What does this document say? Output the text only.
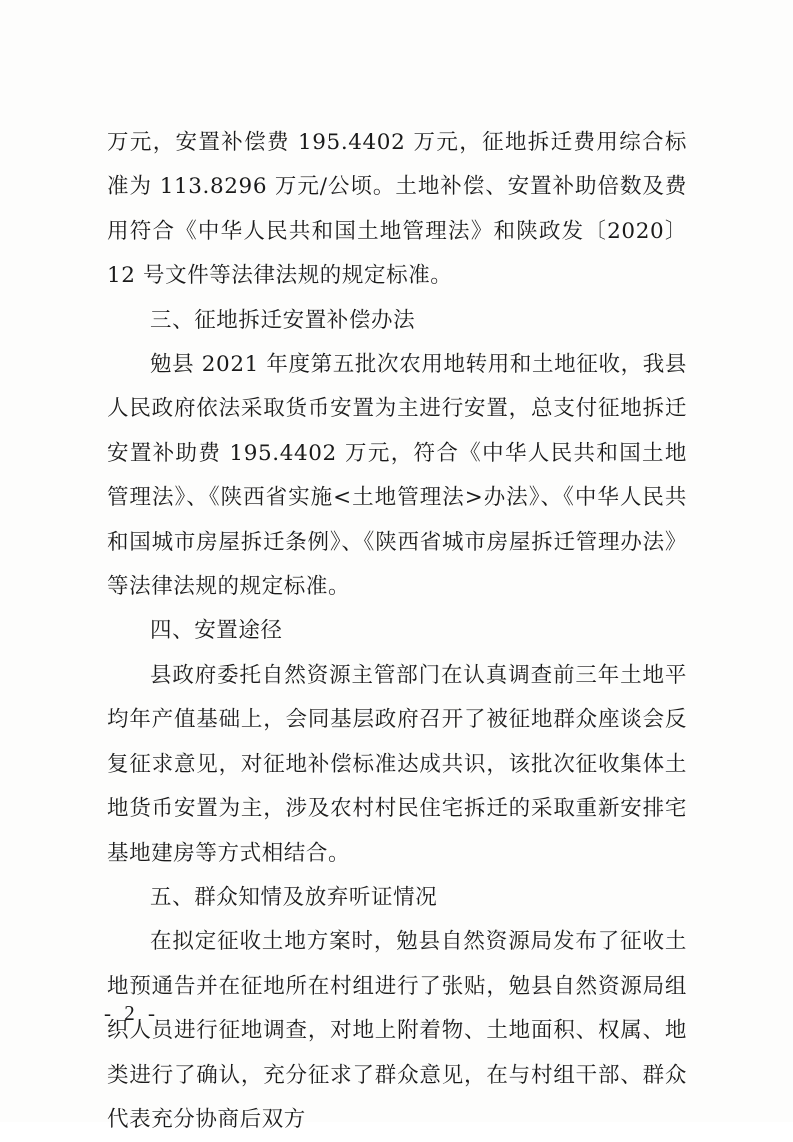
万元，安置补偿费 195.4402 万元，征地拆迁费用综合标准为 113.8296 万元/公顷。土地补偿、安置补助倍数及费用符合《中华人民共和国土地管理法》和陕政发〔2020〕12 号文件等法律法规的规定标准。

三、征地拆迁安置补偿办法

勉县 2021 年度第五批次农用地转用和土地征收，我县人民政府依法采取货币安置为主进行安置，总支付征地拆迁安置补助费 195.4402 万元，符合《中华人民共和国土地管理法》、《陕西省实施<土地管理法>办法》、《中华人民共和国城市房屋拆迁条例》、《陕西省城市房屋拆迁管理办法》等法律法规的规定标准。

四、安置途径

县政府委托自然资源主管部门在认真调查前三年土地平均年产值基础上，会同基层政府召开了被征地群众座谈会反复征求意见，对征地补偿标准达成共识，该批次征收集体土地货币安置为主，涉及农村村民住宅拆迁的采取重新安排宅基地建房等方式相结合。

五、群众知情及放弃听证情况

在拟定征收土地方案时，勉县自然资源局发布了征收土地预通告并在征地所在村组进行了张贴，勉县自然资源局组织人员进行征地调查，对地上附着物、土地面积、权属、地类进行了确认，充分征求了群众意见，在与村组干部、群众代表充分协商后双方

- 2 -
